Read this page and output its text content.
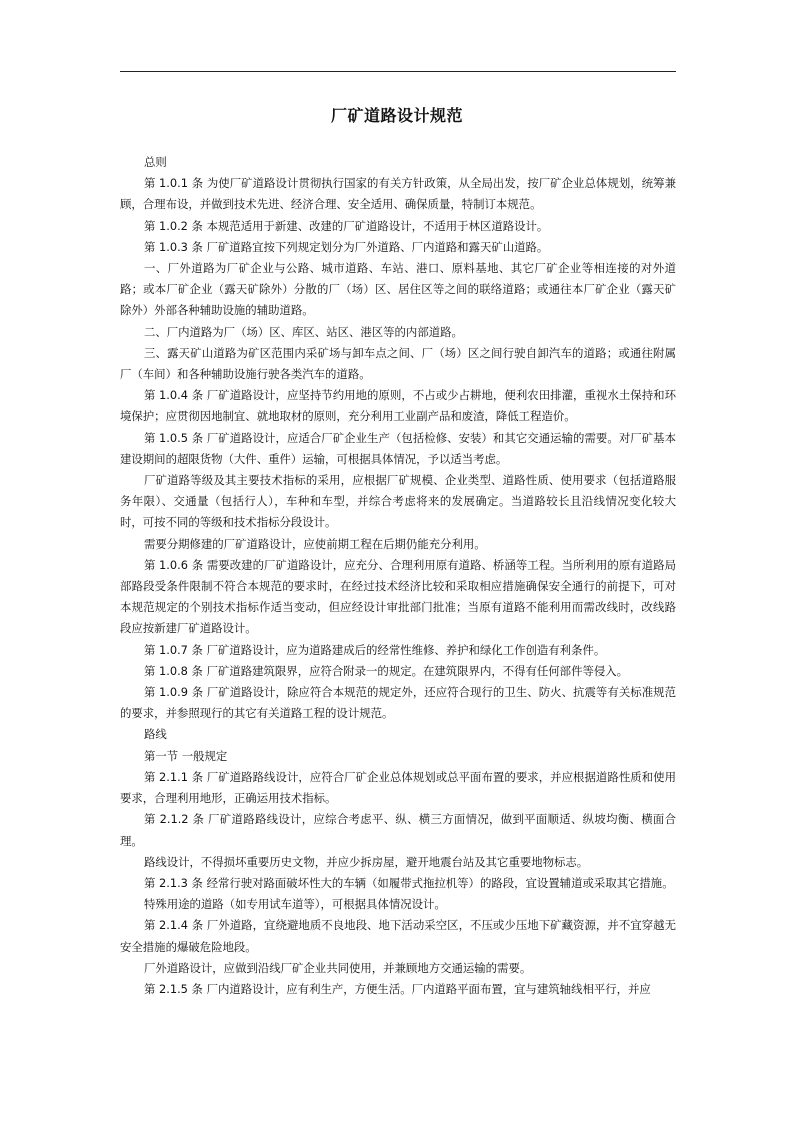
厂矿道路设计规范

总则

第 1.0.1 条 为使厂矿道路设计贯彻执行国家的有关方针政策，从全局出发，按厂矿企业总体规划，统筹兼顾，合理布设，并做到技术先进、经济合理、安全适用、确保质量，特制订本规范。

第 1.0.2 条 本规范适用于新建、改建的厂矿道路设计，不适用于林区道路设计。

第 1.0.3 条 厂矿道路宜按下列规定划分为厂外道路、厂内道路和露天矿山道路。

一、厂外道路为厂矿企业与公路、城市道路、车站、港口、原料基地、其它厂矿企业等相连接的对外道路；或本厂矿企业（露天矿除外）分散的厂（场）区、居住区等之间的联络道路；或通往本厂矿企业（露天矿除外）外部各种辅助设施的辅助道路。

二、厂内道路为厂（场）区、库区、站区、港区等的内部道路。

三、露天矿山道路为矿区范围内采矿场与卸车点之间、厂（场）区之间行驶自卸汽车的道路；或通往附属厂（车间）和各种辅助设施行驶各类汽车的道路。

第 1.0.4 条 厂矿道路设计，应坚持节约用地的原则，不占或少占耕地，便利农田排灌，重视水土保持和环境保护；应贯彻因地制宜、就地取材的原则，充分利用工业副产品和废渣，降低工程造价。

第 1.0.5 条 厂矿道路设计，应适合厂矿企业生产（包括检修、安装）和其它交通运输的需要。对厂矿基本建设期间的超限货物（大件、重件）运输，可根据具体情况，予以适当考虑。

厂矿道路等级及其主要技术指标的采用，应根据厂矿规模、企业类型、道路性质、使用要求（包括道路服务年限）、交通量（包括行人），车种和车型，并综合考虑将来的发展确定。当道路较长且沿线情况变化较大时，可按不同的等级和技术指标分段设计。

需要分期修建的厂矿道路设计，应使前期工程在后期仍能充分利用。

第 1.0.6 条 需要改建的厂矿道路设计，应充分、合理利用原有道路、桥涵等工程。当所利用的原有道路局部路段受条件限制不符合本规范的要求时，在经过技术经济比较和采取相应措施确保安全通行的前提下，可对本规范规定的个别技术指标作适当变动，但应经设计审批部门批准；当原有道路不能利用而需改线时，改线路段应按新建厂矿道路设计。

第 1.0.7 条 厂矿道路设计，应为道路建成后的经常性维修、养护和绿化工作创造有利条件。

第 1.0.8 条 厂矿道路建筑限界，应符合附录一的规定。在建筑限界内，不得有任何部件等侵入。

第 1.0.9 条 厂矿道路设计，除应符合本规范的规定外，还应符合现行的卫生、防火、抗震等有关标准规范的要求，并参照现行的其它有关道路工程的设计规范。

路线

第一节 一般规定

第 2.1.1 条 厂矿道路路线设计，应符合厂矿企业总体规划或总平面布置的要求，并应根据道路性质和使用要求，合理利用地形，正确运用技术指标。

第 2.1.2 条 厂矿道路路线设计，应综合考虑平、纵、横三方面情况，做到平面顺适、纵坡均衡、横面合理。

路线设计，不得损坏重要历史文物，并应少拆房屋，避开地震台站及其它重要地物标志。

第 2.1.3 条 经常行驶对路面破坏性大的车辆（如履带式拖拉机等）的路段，宜设置辅道或采取其它措施。

特殊用途的道路（如专用试车道等），可根据具体情况设计。

第 2.1.4 条 厂外道路，宜绕避地质不良地段、地下活动采空区，不压或少压地下矿藏资源，并不宜穿越无安全措施的爆破危险地段。

厂外道路设计，应做到沿线厂矿企业共同使用，并兼顾地方交通运输的需要。

第 2.1.5 条 厂内道路设计，应有利生产，方便生活。厂内道路平面布置，宜与建筑轴线相平行，并应
